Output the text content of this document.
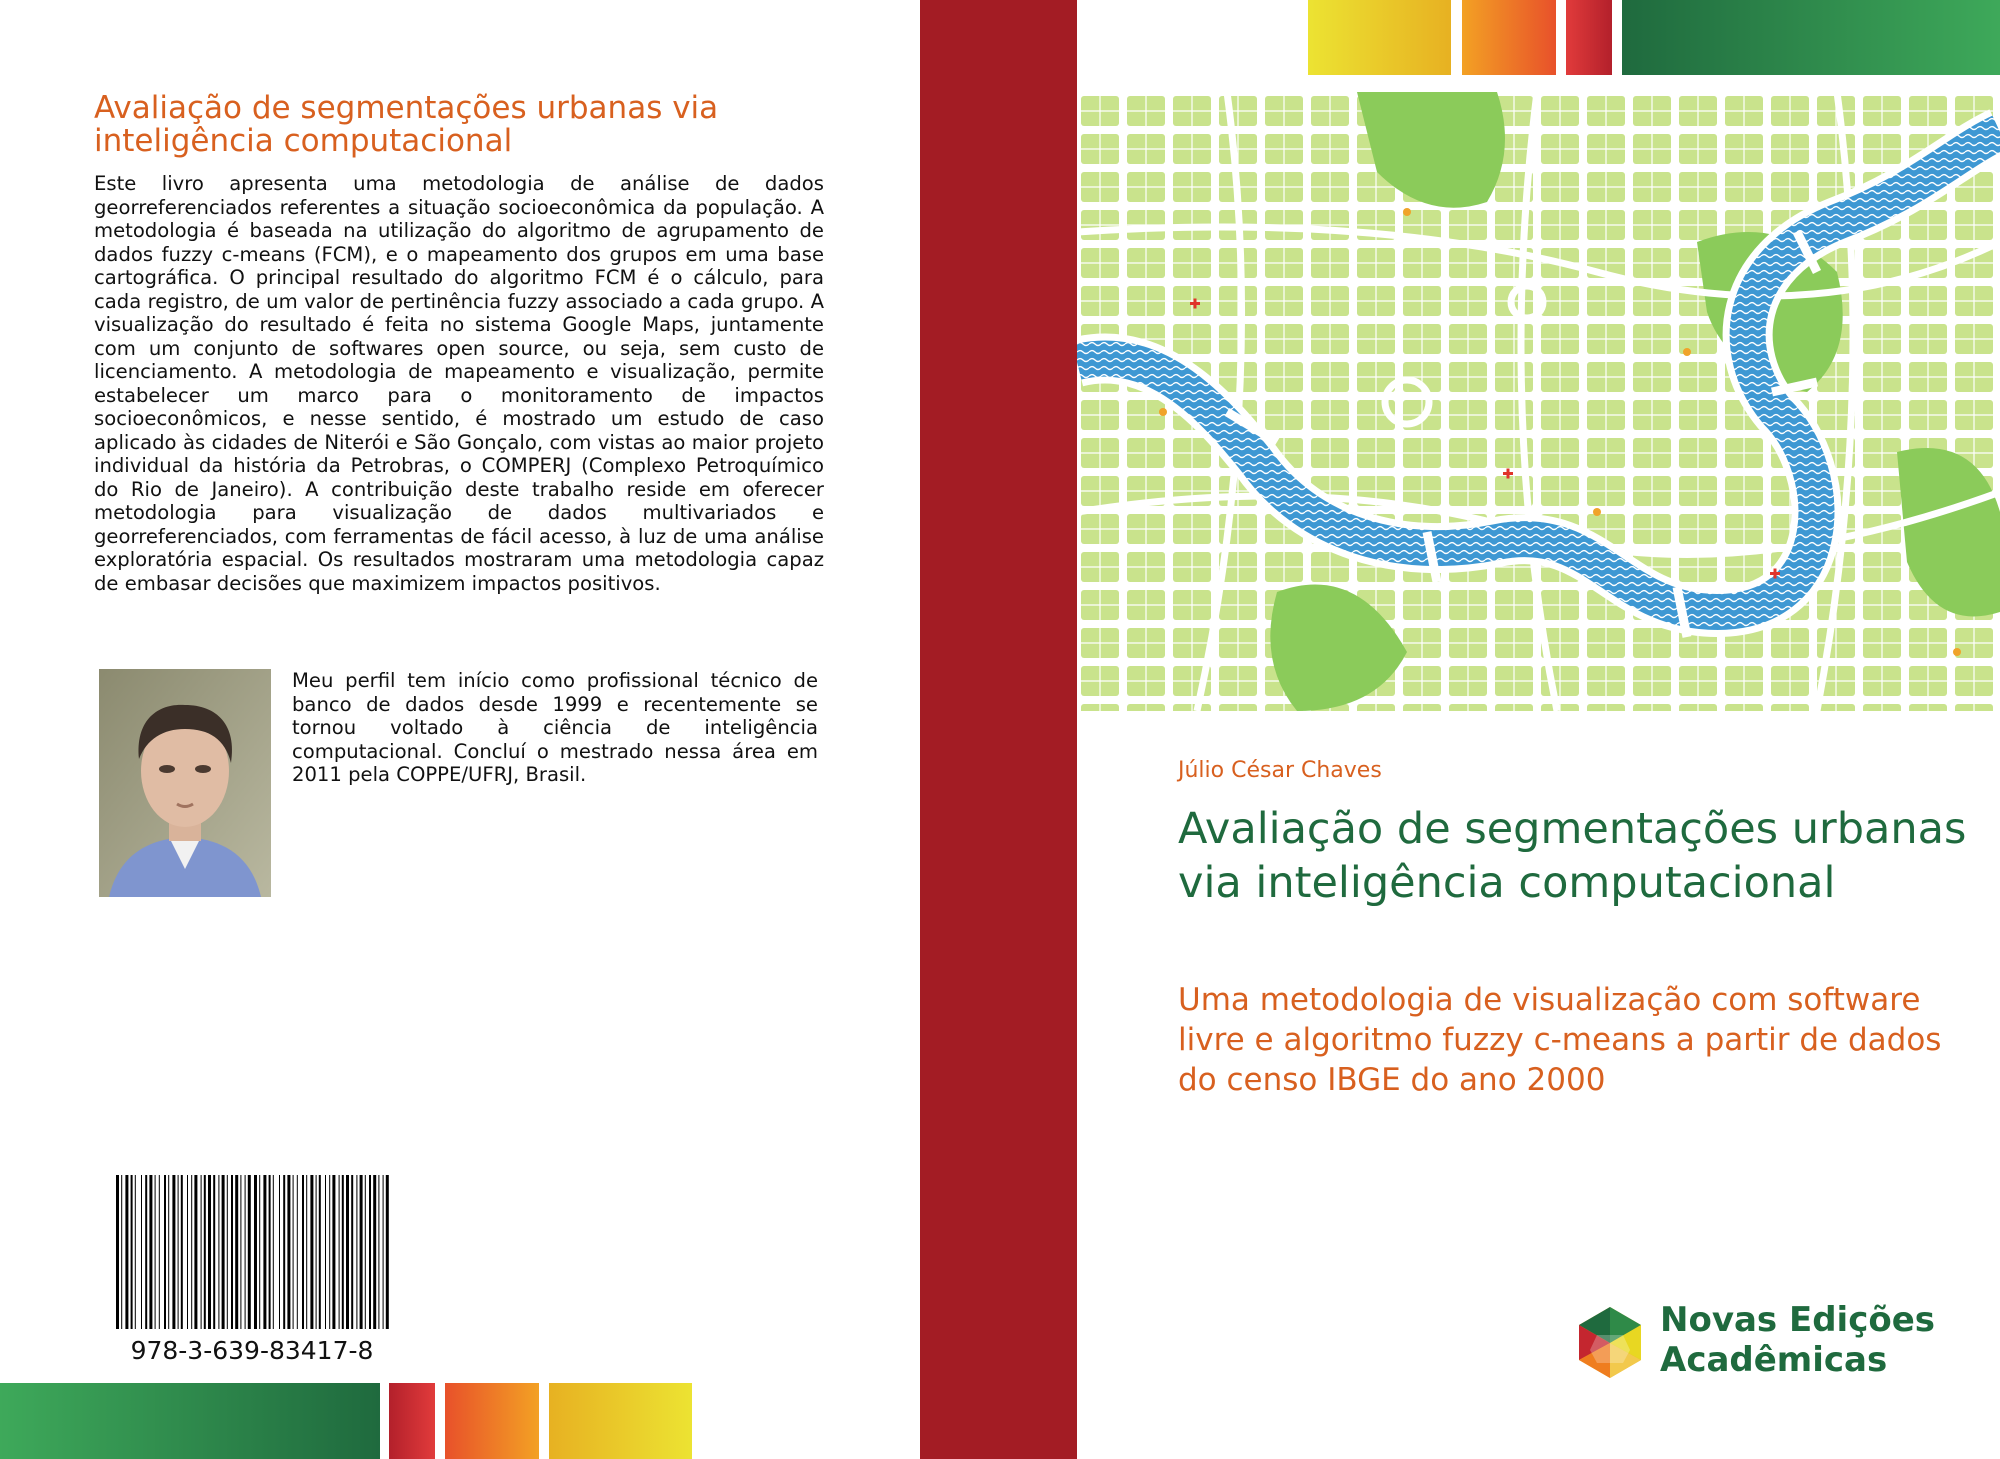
Avaliação de segmentações urbanas via inteligência computacional
Este livro apresenta uma metodologia de análise de dados georreferenciados referentes a situação socioeconômica da população. A metodologia é baseada na utilização do algoritmo de agrupamento de dados fuzzy c-means (FCM), e o mapeamento dos grupos em uma base cartográfica. O principal resultado do algoritmo FCM é o cálculo, para cada registro, de um valor de pertinência fuzzy associado a cada grupo. A visualização do resultado é feita no sistema Google Maps, juntamente com um conjunto de softwares open source, ou seja, sem custo de licenciamento. A metodologia de mapeamento e visualização, permite estabelecer um marco para o monitoramento de impactos socioeconômicos, e nesse sentido, é mostrado um estudo de caso aplicado às cidades de Niterói e São Gonçalo, com vistas ao maior projeto individual da história da Petrobras, o COMPERJ (Complexo Petroquímico do Rio de Janeiro). A contribuição deste trabalho reside em oferecer metodologia para visualização de dados multivariados e georreferenciados, com ferramentas de fácil acesso, à luz de uma análise exploratória espacial. Os resultados mostraram uma metodologia capaz de embasar decisões que maximizem impactos positivos.
Meu perfil tem início como profissional técnico de banco de dados desde 1999 e recentemente se tornou voltado à ciência de inteligência computacional. Concluí o mestrado nessa área em 2011 pela COPPE/UFRJ, Brasil.
978-3-639-83417-8
Júlio César Chaves
Avaliação de segmentações urbanas via inteligência computacional
Uma metodologia de visualização com software livre e algoritmo fuzzy c-means a partir de dados do censo IBGE do ano 2000
Novas Edições
Acadêmicas
